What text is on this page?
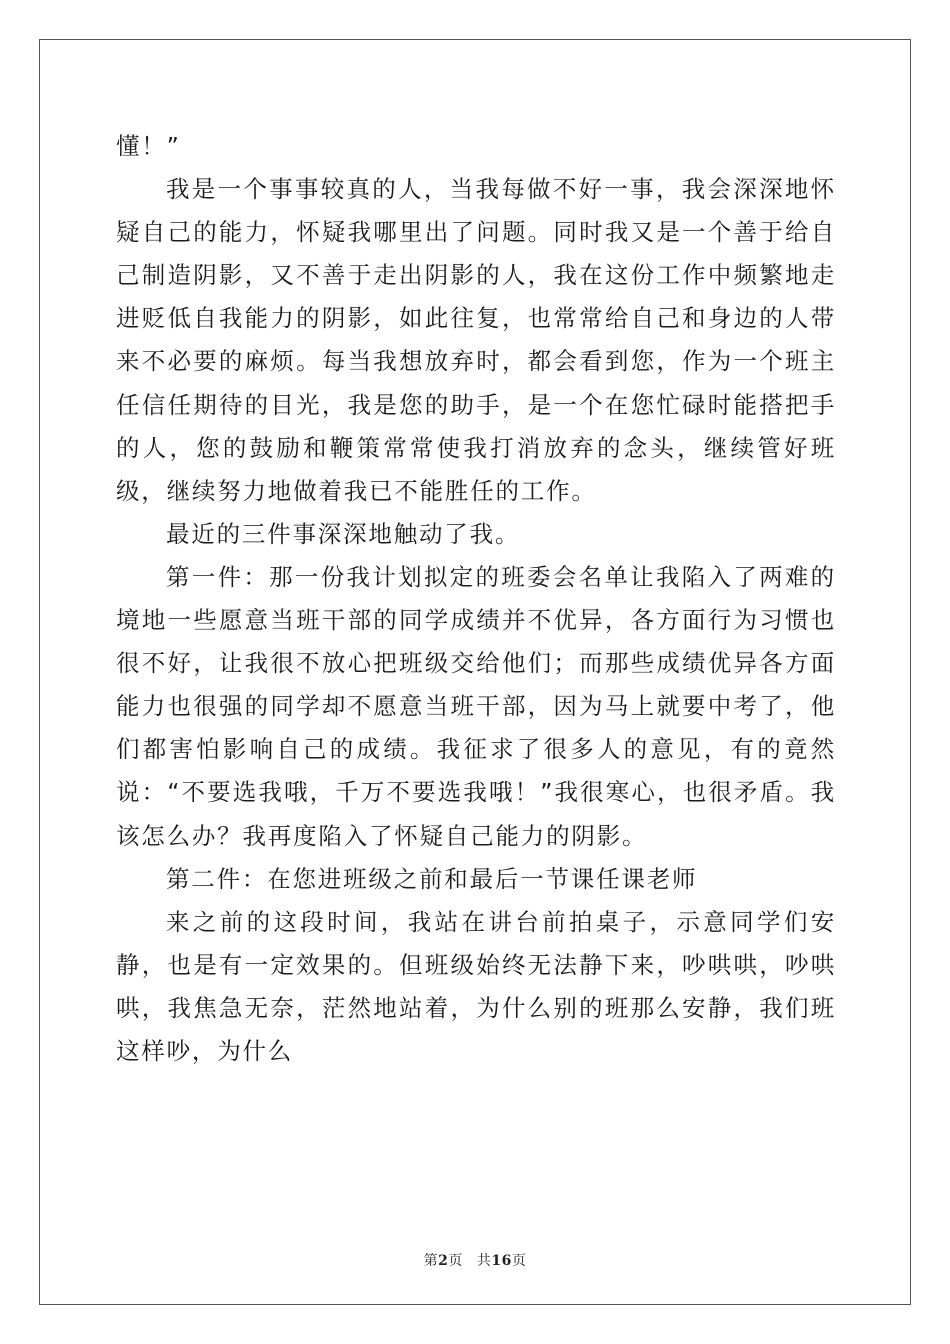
懂！”

我是一个事事较真的人，当我每做不好一事，我会深深地怀疑自己的能力，怀疑我哪里出了问题。同时我又是一个善于给自己制造阴影，又不善于走出阴影的人，我在这份工作中频繁地走进贬低自我能力的阴影，如此往复，也常常给自己和身边的人带来不必要的麻烦。每当我想放弃时，都会看到您，作为一个班主任信任期待的目光，我是您的助手，是一个在您忙碌时能搭把手的人，您的鼓励和鞭策常常使我打消放弃的念头，继续管好班级，继续努力地做着我已不能胜任的工作。

最近的三件事深深地触动了我。

第一件：那一份我计划拟定的班委会名单让我陷入了两难的境地一些愿意当班干部的同学成绩并不优异，各方面行为习惯也很不好，让我很不放心把班级交给他们；而那些成绩优异各方面能力也很强的同学却不愿意当班干部，因为马上就要中考了，他们都害怕影响自己的成绩。我征求了很多人的意见，有的竟然说：“不要选我哦，千万不要选我哦！”我很寒心，也很矛盾。我该怎么办？我再度陷入了怀疑自己能力的阴影。

第二件：在您进班级之前和最后一节课任课老师

来之前的这段时间，我站在讲台前拍桌子，示意同学们安静，也是有一定效果的。但班级始终无法静下来，吵哄哄，吵哄哄，我焦急无奈，茫然地站着，为什么别的班那么安静，我们班这样吵，为什么

第2页 共16页
